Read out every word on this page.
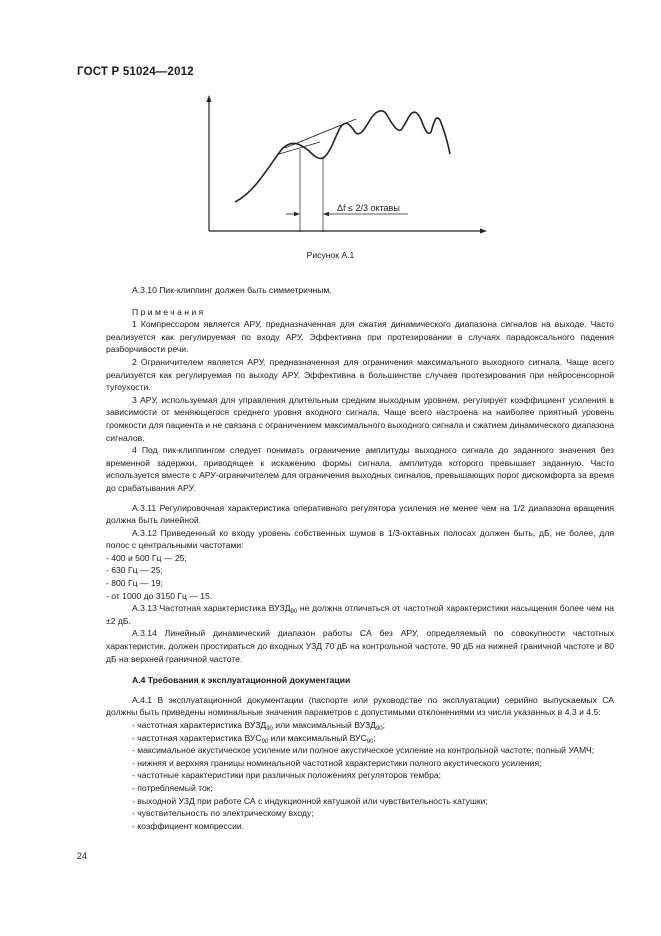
ГОСТ Р 51024—2012
Δf ≤ 2/3 октавы
Рисунок А.1

А.3.10 Пик-клиппинг должен быть симметричным.

Примечания

1 Компрессором является АРУ, предназначенная для сжатия динамического диапазона сигналов на выходе. Часто реализуется как регулируемая по входу АРУ. Эффективна при протезировании в случаях парадоксального падения разборчивости речи.

2 Ограничителем является АРУ, предназначенная для ограничения максимального выходного сигнала. Чаще всего реализуется как регулируемая по выходу АРУ. Эффективна в большинстве случаев протезирования при нейросенсорной тугоухости.

3 АРУ, используемая для управления длительным средним выходным уровнем, регулирует коэффициент усиления в зависимости от меняющегося среднего уровня входного сигнала. Чаще всего настроена на наиболее приятный уровень громкости для пациента и не связана с ограничением максимального выходного сигнала и сжатием динамического диапазона сигналов.

4 Под пик-клиппингом следует понимать ограничение амплитуды выходного сигнала до заданного значения без временной задержки, приводящее к искажению формы сигнала, амплитуда которого превышает заданную. Часто используется вместе с АРУ-ограничителем для ограничения выходных сигналов, превышающих порог дискомфорта за время до срабатывания АРУ.

А.3.11 Регулировочная характеристика оперативного регулятора усиления не менее чем на 1/2 диапазона вращения должна быть линейной.

А.3.12 Приведенный ко входу уровень собственных шумов в 1/3-октавных полосах должен быть, дБ, не более, для полос с центральными частотами:

- 400 и 500 Гц — 25;

- 630 Гц — 25;

- 800 Гц — 19;

- от 1000 до 3150 Гц — 15.

А.3.13 Частотная характеристика $ВУЗД_{90}$ не должна отличаться от частотной характеристики насыщения более чем на ±2 дБ.

А.3.14 Линейный динамический диапазон работы СА без АРУ, определяемый по совокупности частотных характеристик, должен простираться до входных УЗД 70 дБ на контрольной частоте, 90 дБ на нижней граничной частоте и 80 дБ на верхней граничной частоте.

А.4 Требования к эксплуатационной документации

А.4.1 В эксплуатационной документации (паспорте или руководстве по эксплуатации) серийно выпускаемых СА должны быть приведены номинальные значения параметров с допустимыми отклонениями из числа указанных в 4.3 и 4.5:

- частотная характеристика $ВУЗД_{90}$ или максимальный $ВУЗД_{90}$;

- частотная характеристика $ВУС_{90}$ или максимальный $ВУС_{90}$;

- максимальное акустическое усиление или полное акустическое усиление на контрольной частоте; полный УАМЧ;

- нижняя и верхняя границы номинальной частотной характеристики полного акустического усиления;

- частотные характеристики при различных положениях регуляторов тембра;

- потребляемый ток;

- выходной УЗД при работе СА с индукционной катушкой или чувствительность катушки;

- чувствительность по электрическому входу;

- коэффициент компрессии.

24
